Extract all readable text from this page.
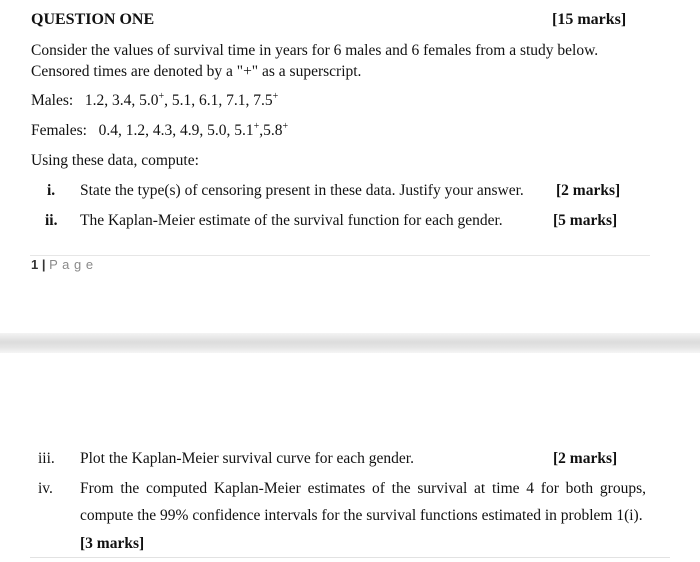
QUESTION ONE	[15 marks]
Consider the values of survival time in years for 6 males and 6 females from a study below.
Censored times are denoted by a "+" as a superscript.
Males: 1.2, 3.4, 5.0+, 5.1, 6.1, 7.1, 7.5+
Females: 0.4, 1.2, 4.3, 4.9, 5.0, 5.1+,5.8+
Using these data, compute:
i. State the type(s) of censoring present in these data. Justify your answer. [2 marks]
ii. The Kaplan-Meier estimate of the survival function for each gender.	[5 marks]
1 | P a g e
iii. Plot the Kaplan-Meier survival curve for each gender.	[2 marks]
iv. From the computed Kaplan-Meier estimates of the survival at time 4 for both groups,
compute the 99% confidence intervals for the survival functions estimated in problem 1(i).
[3 marks]
